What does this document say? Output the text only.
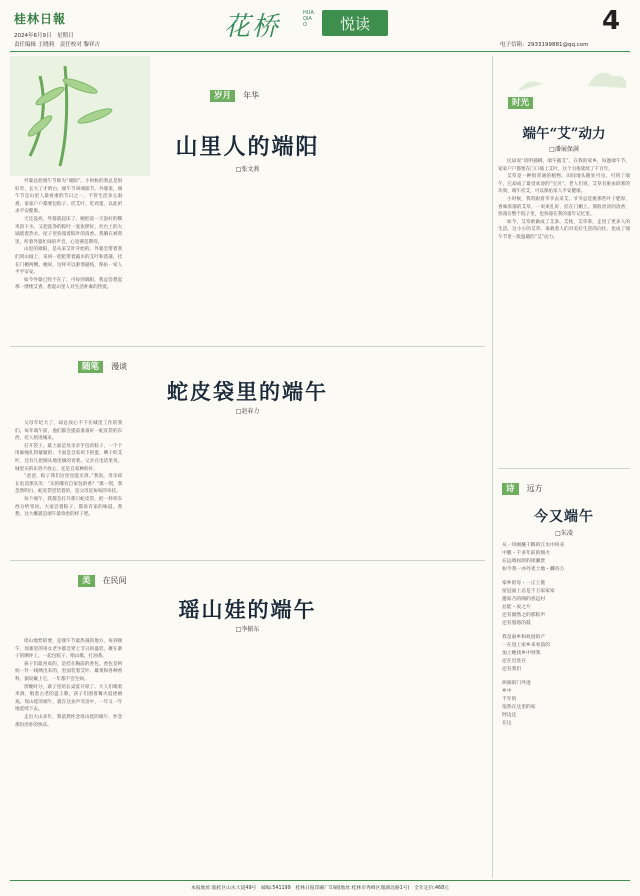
桂林日報
2024年6月9日　星期日
责任编辑 王晓莉　责任校对 黎祥吉
花桥	HUA QIAO	悦读	4
电子信箱：2933199881@qq.com
岁月 年华
山里人的端阳
□张文燕

外婆总把端午节称为“端阳”。小时候的我总是很好奇，长大了才明白，端午节叫端阳节。外婆说，端午节是山里人最看重的节日之一，不管生活多么艰难，家家户户都要包粽子、挂艾叶、吃鸡蛋，以此祈求平安健康。

天还没亮，外婆就起床了。她把前一天泡好的糯米沥干水，又把洗净的粽叶一张张摆好。灶台上的大锅烧着热水，屋子里弥漫着粽叶的清香。我躺在被窝里，听着外婆忙碌的声音，心里满是期待。

山里的端阳，是从采艾叶开始的。外婆会带着我们到山坡上，采回一把把带着露水的艾叶和菖蒲，挂在门楣两侧。她说，这样可以驱邪避疫，保佑一家人平平安安。

如今外婆已经不在了，可每到端阳，我总会想起那一缕缕艾香，想起山里人对生活朴素的热爱。

随笔 漫谈
蛇皮袋里的端午
□赵春力

父母年纪大了，却总放心不下在城里工作的我们。每年端午前，他们都会提前准备好一蛇皮袋的东西，托人捎进城来。

打开袋子，最上面是母亲亲手包的粽子，一个个用麻绳扎得紧紧的；下面是自家鸡下的蛋、晒干的艾叶，还有几把刚从地里摘的青菜。父亲在电话里说，城里买的东西不放心，还是自家种的好。

“爸爸，粽子我们这里也能买到。”我说。母亲却在电话那头笑：“买的哪有自家包的香？”那一刻，我忽然明白，蛇皮袋里装着的，是父母沉甸甸的牵挂。

每个端午，我都会打开那只蛇皮袋，把一样样东西分给邻居。大家尝着粽子，都说有家的味道。我想，这大概就是端午最珍贵的样子吧。

美 在民间
瑶山娃的端午
□李振东

瑶山地势险要，是端午节最热闹的地方。每到端午，瑶寨里的男女老少都会穿上节日的盛装，聚在寨子的晒坪上，一起包粽子、唱山歌、打油茶。

孩子们最喜欢的，是挂在胸前的香包。香包是阿妈一针一线绣出来的，里面装着艾叶、雄黄和各种香料，据说戴上它，一年都不会生病。

傍晚时分，寨子里的长桌宴开席了。大人们喝着米酒，唱着古老的盘王歌，孩子们围着篝火追逐嬉戏。瑶山娃的端午，就在这欢声笑语中，一年又一年地延续下去。

走出大山多年，我依然怀念瑶山娃的端午，怀念那份淳朴的快乐。

时光
端午“艾”动力
□潘展保满

民谚说“清明插柳，端午插艾”。在我的家乡，每逢端午节，家家户户都要在门口插上艾叶，这个习俗延续了千百年。

艾草是一种很普通的植物，田间地头随处可见。可到了端午，它却成了最受欢迎的“宝贝”。老人们说，艾草有驱虫辟邪的功效，端午挂艾，可以保佑家人平安健康。

小时候，我常跟着爷爷去采艾。爷爷总是挑那些叶子肥厚、香味浓郁的艾草，一束束扎好，挂在门楣上。那股淡淡的清香，弥漫在整个院子里，也弥漫在我的童年记忆里。

如今，艾草被做成了艾条、艾枕、艾草茶，走进了更多人的生活。这小小的艾草，承载着人们对美好生活的向往，也成了端午节里一股温暖的“艾”动力。

诗 远方
今又端午
□朱凌
从一块刚蘸干糯的江水中回来
中腿・千多年前的烟火
在远端屈原的闭湘景
如今我一亦外麦土地・麟吞万
家乡的母・一正上施
屋冠面上总是千万家家家
邀家乃的阁的意远村
总能・夜之片
还有偶然之的那粽声
还有悠悠的鼓
我是艰乡和故园的产
一在进上家乡来看前的
加上她找乡中到我
还在近处在
还有我们
两端的门外进
乡中
千年的
依然在这里的家
阿边还
在这
本报地址:临桂区山水大道49号　邮编:541199　桂林日报印刷厂印刷(地址:桂林市秀峰区理湖北路1号)　全年定价:468元
